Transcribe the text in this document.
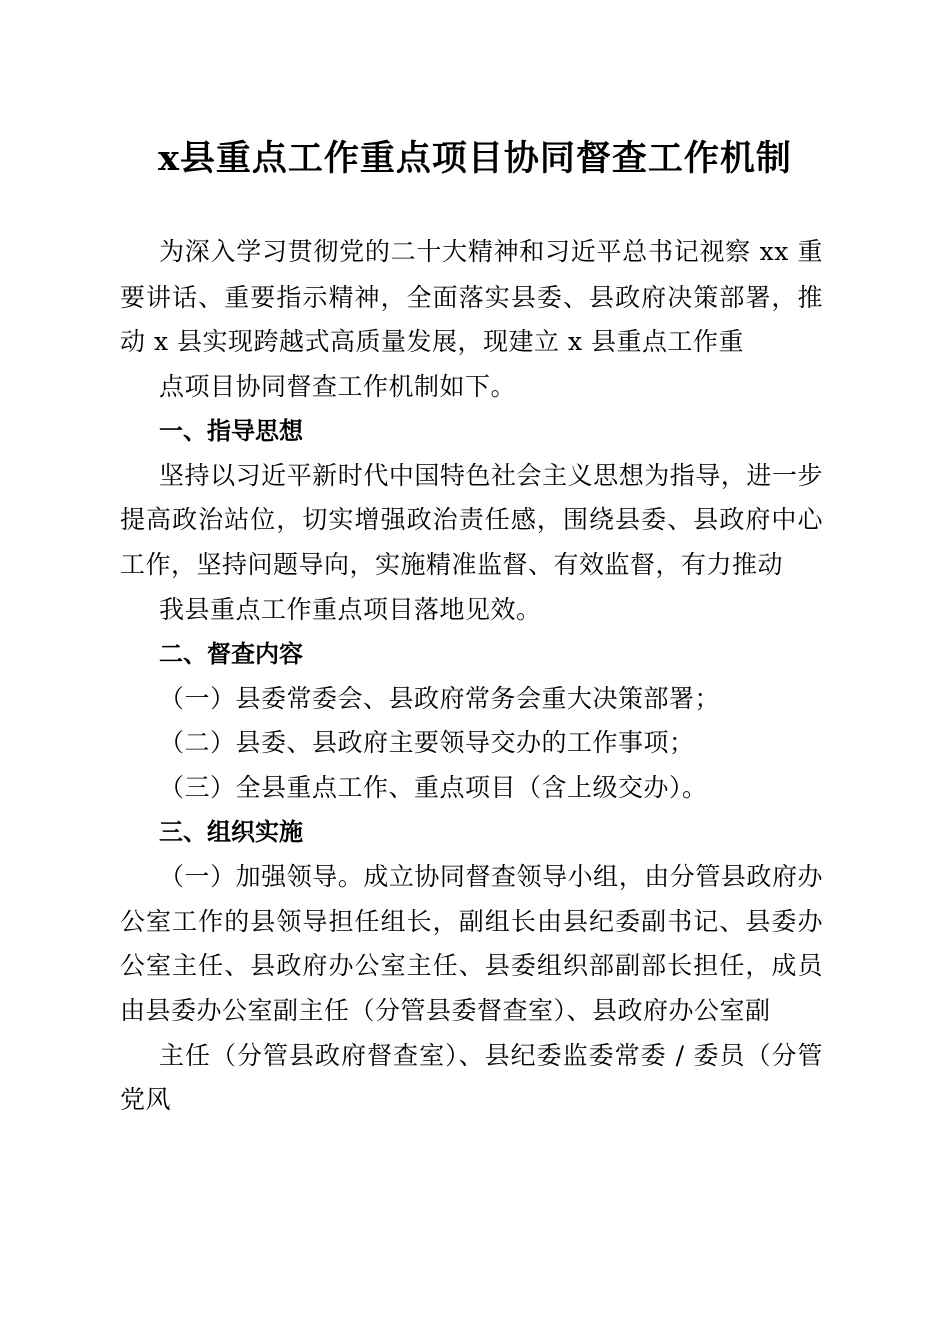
x县重点工作重点项目协同督查工作机制
为深入学习贯彻党的二十大精神和习近平总书记视察 xx 重
要讲话、重要指示精神，全面落实县委、县政府决策部署，推
动 x 县实现跨越式高质量发展，现建立 x 县重点工作重
点项目协同督查工作机制如下。
一、指导思想
坚持以习近平新时代中国特色社会主义思想为指导，进一步
提高政治站位，切实增强政治责任感，围绕县委、县政府中心
工作，坚持问题导向，实施精准监督、有效监督，有力推动
我县重点工作重点项目落地见效。
二、督查内容
（一）县委常委会、县政府常务会重大决策部署；
（二）县委、县政府主要领导交办的工作事项；
（三）全县重点工作、重点项目（含上级交办）。
三、组织实施
（一）加强领导。成立协同督查领导小组，由分管县政府办
公室工作的县领导担任组长，副组长由县纪委副书记、县委办
公室主任、县政府办公室主任、县委组织部副部长担任，成员
由县委办公室副主任（分管县委督查室）、县政府办公室副
主任（分管县政府督查室）、县纪委监委常委 / 委员（分管
党风
